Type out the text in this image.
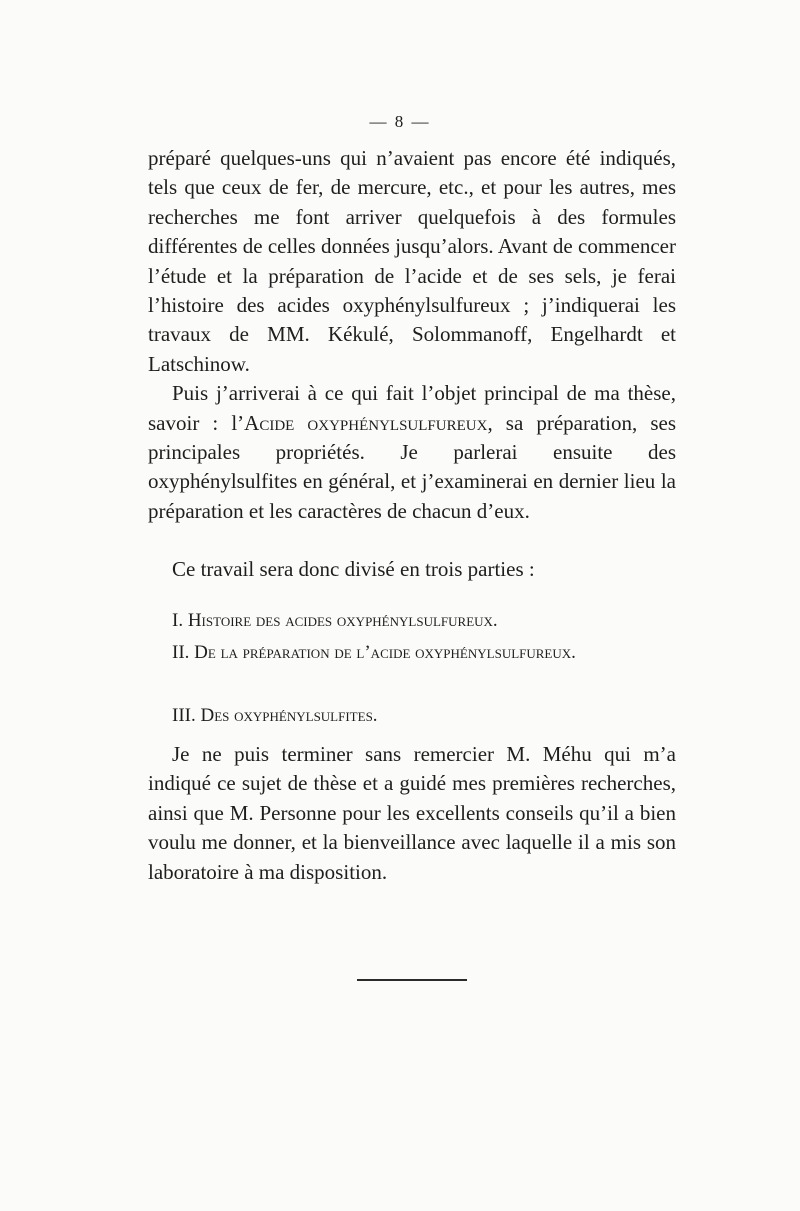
— 8 —

préparé quelques-uns qui n’avaient pas encore été indiqués, tels que ceux de fer, de mercure, etc., et pour les autres, mes recherches me font arriver quelquefois à des formules différentes de celles données jusqu’alors. Avant de commencer l’étude et la préparation de l’acide et de ses sels, je ferai l’histoire des acides oxyphénylsulfureux ; j’indiquerai les travaux de MM. Kékulé, Solommanoff, Engelhardt et Latschinow.

Puis j’arriverai à ce qui fait l’objet principal de ma thèse, savoir : l’Acide oxyphénylsulfureux, sa préparation, ses principales propriétés. Je parlerai ensuite des oxyphénylsulfites en général, et j’examinerai en dernier lieu la préparation et les caractères de chacun d’eux.

Ce travail sera donc divisé en trois parties :

I. Histoire des acides oxyphénylsulfureux.

II. De la préparation de l’acide oxyphénylsulfureux.

III. Des oxyphénylsulfites.

Je ne puis terminer sans remercier M. Méhu qui m’a indiqué ce sujet de thèse et a guidé mes premières recherches, ainsi que M. Personne pour les excellents conseils qu’il a bien voulu me donner, et la bienveillance avec laquelle il a mis son laboratoire à ma disposition.
